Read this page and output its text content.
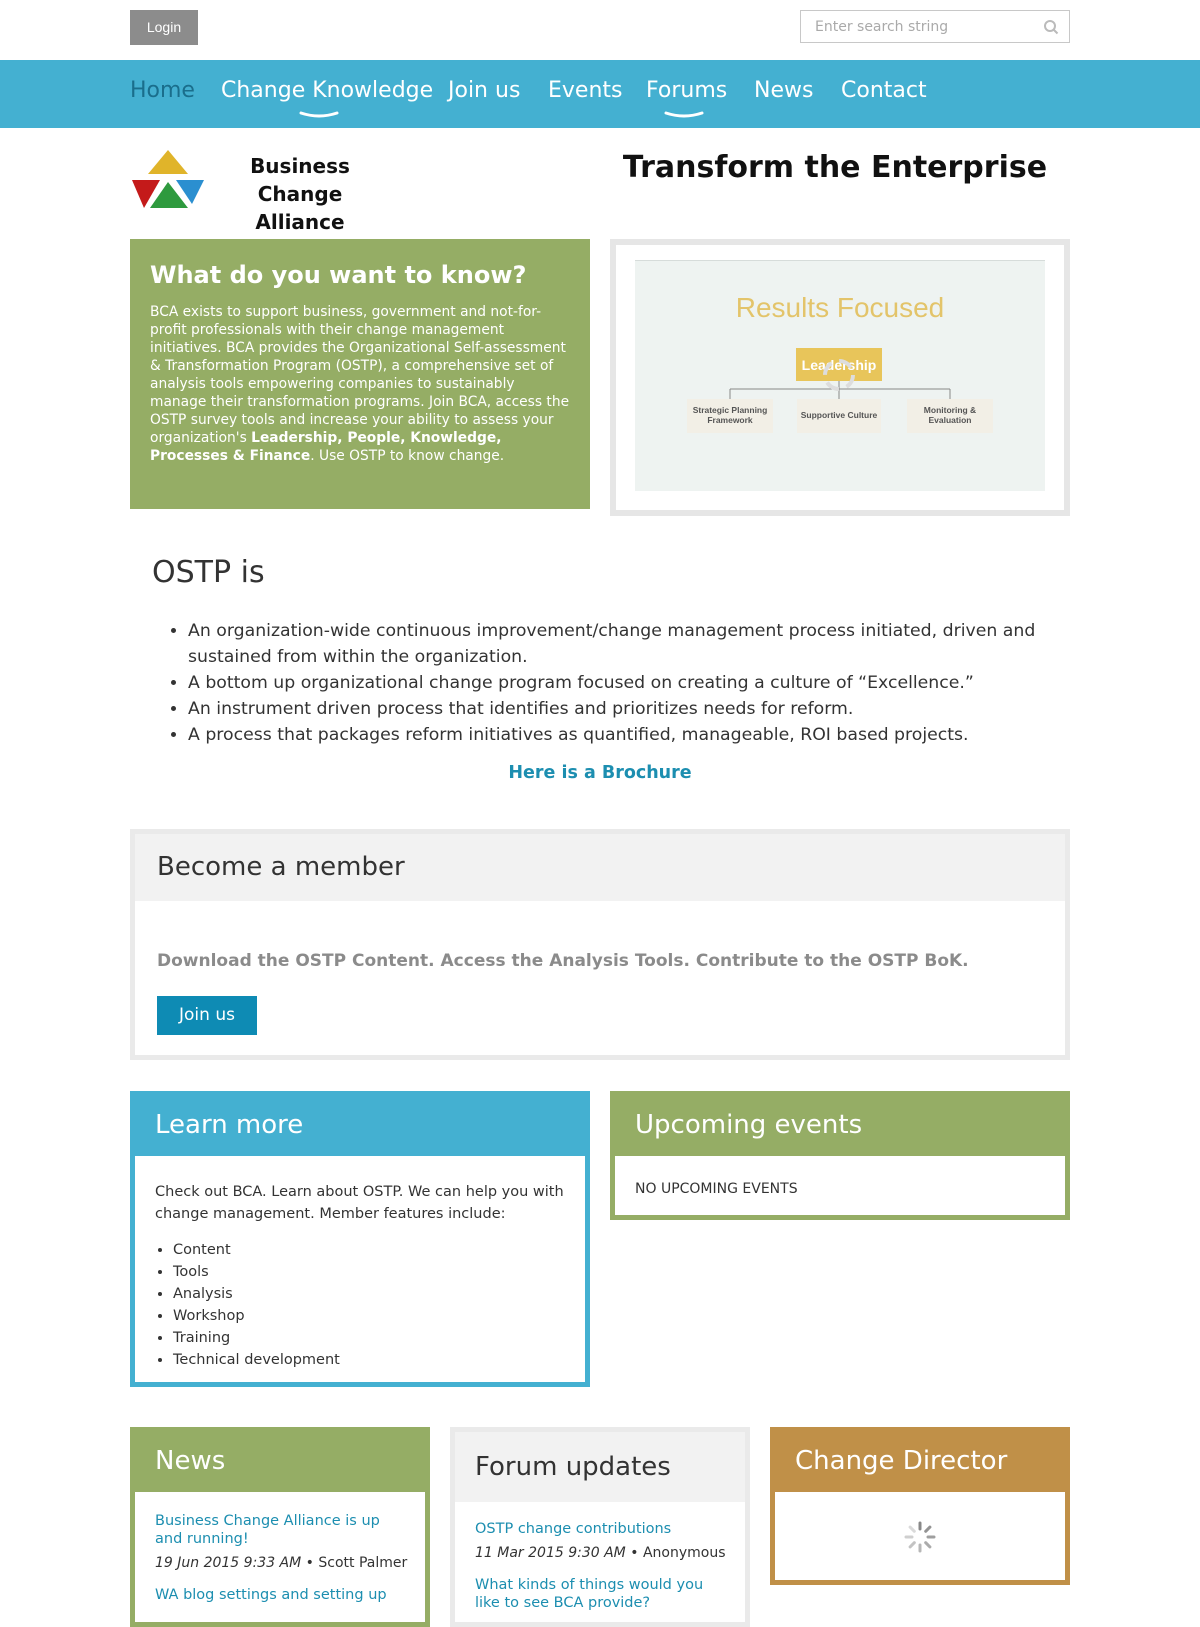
Login
Enter search string
Home Change Knowledge Join us Events Forums News Contact
Business Change
Alliance
Transform the Enterprise
What do you want to know?

BCA exists to support business, government and not-for-profit professionals with their change management initiatives. BCA provides the Organizational Self-assessment & Transformation Program (OSTP), a comprehensive set of analysis tools empowering companies to sustainably manage their transformation programs. Join BCA, access the OSTP survey tools and increase your ability to assess your organization's Leadership, People, Knowledge, Processes & Finance. Use OSTP to know change.

Results Focused
Leadership
Strategic Planning
Framework	Supportive Culture	Monitoring &
Evaluation
OSTP is
• An organization-wide continuous improvement/change management process initiated, driven and sustained from within the organization.
• A bottom up organizational change program focused on creating a culture of “Excellence.”
• An instrument driven process that identifies and prioritizes needs for reform.
• A process that packages reform initiatives as quantified, manageable, ROI based projects.
Here is a Brochure
Become a member
Download the OSTP Content. Access the Analysis Tools. Contribute to the OSTP BoK.
Join us
Learn more
Check out BCA. Learn about OSTP. We can help you with change management. Member features include:
• Content
• Tools
• Analysis
• Workshop
• Training
• Technical development
Upcoming events
NO UPCOMING EVENTS
News
Business Change Alliance is up and running!
19 Jun 2015 9:33 AM • Scott Palmer
WA blog settings and setting up
Forum updates
OSTP change contributions
11 Mar 2015 9:30 AM • Anonymous
What kinds of things would you like to see BCA provide?
Change Director
